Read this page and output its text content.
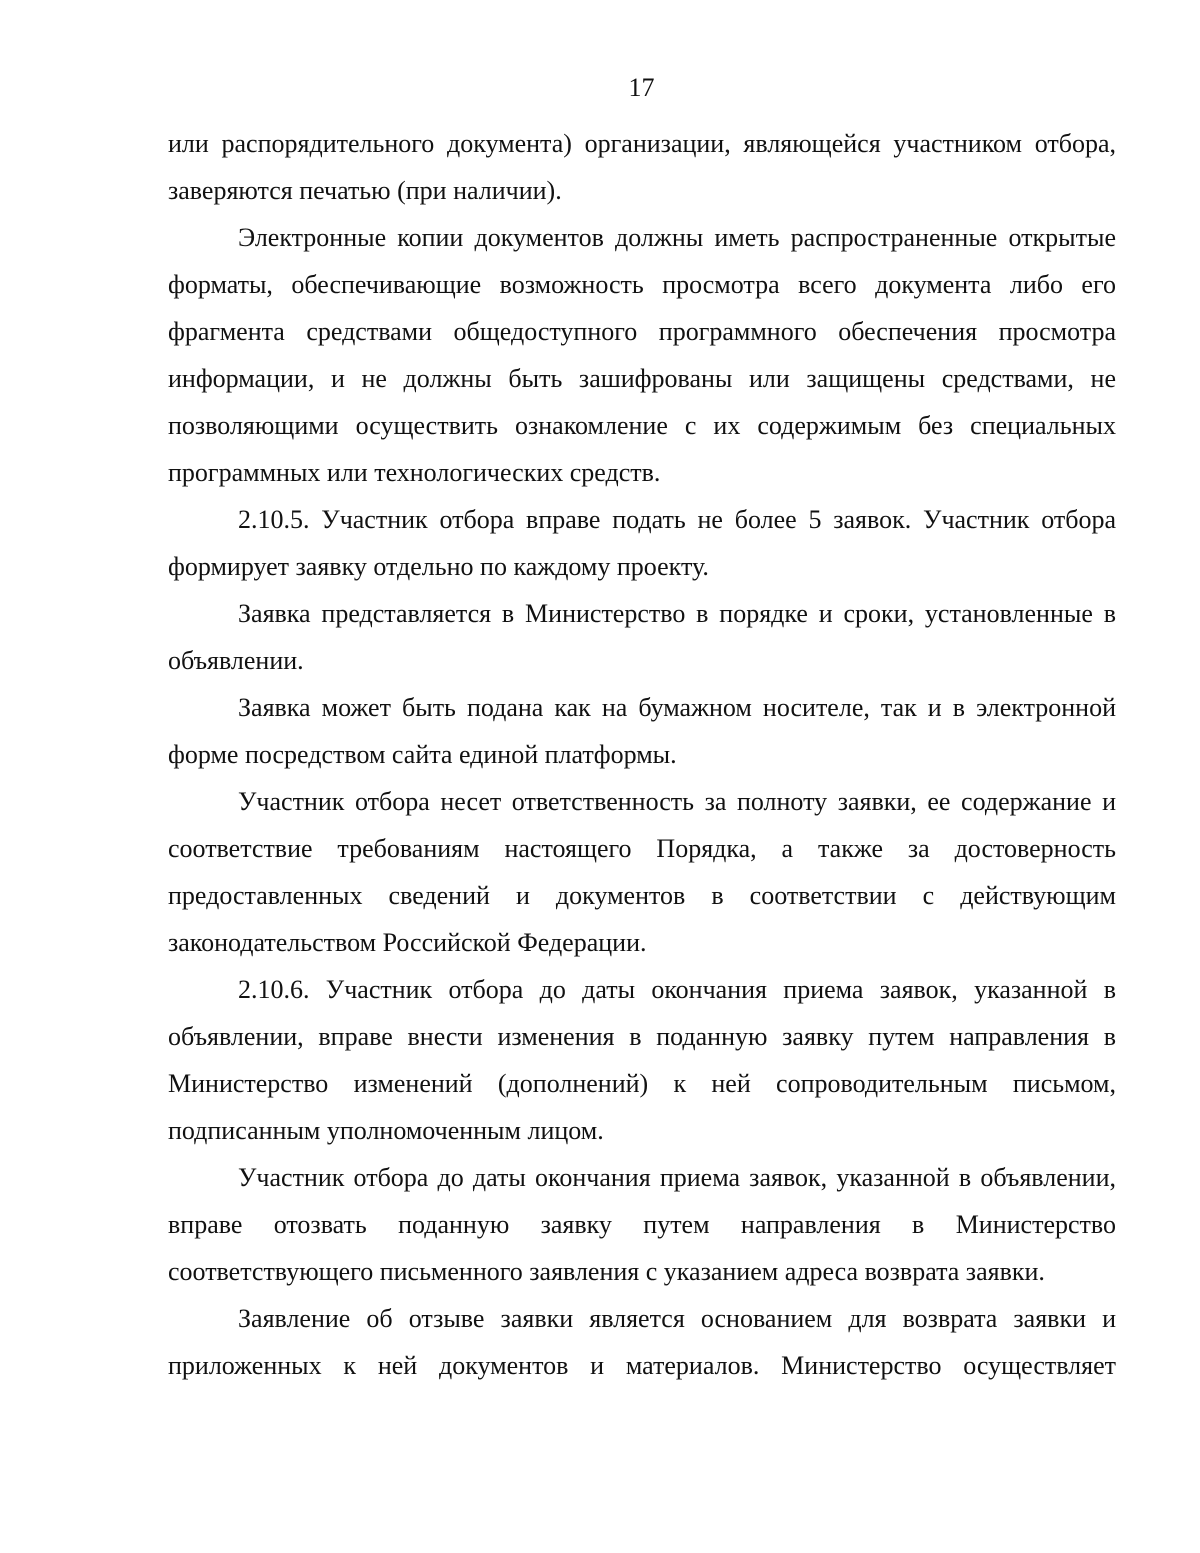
17

или распорядительного документа) организации, являющейся участником отбора, заверяются печатью (при наличии).

Электронные копии документов должны иметь распространенные открытые форматы, обеспечивающие возможность просмотра всего документа либо его фрагмента средствами общедоступного программного обеспечения просмотра информации, и не должны быть зашифрованы или защищены средствами, не позволяющими осуществить ознакомление с их содержимым без специальных программных или технологических средств.

2.10.5. Участник отбора вправе подать не более 5 заявок. Участник отбора формирует заявку отдельно по каждому проекту.

Заявка представляется в Министерство в порядке и сроки, установленные в объявлении.

Заявка может быть подана как на бумажном носителе, так и в электронной форме посредством сайта единой платформы.

Участник отбора несет ответственность за полноту заявки, ее содержание и соответствие требованиям настоящего Порядка, а также за достоверность предоставленных сведений и документов в соответствии с действующим законодательством Российской Федерации.

2.10.6. Участник отбора до даты окончания приема заявок, указанной в объявлении, вправе внести изменения в поданную заявку путем направления в Министерство изменений (дополнений) к ней сопроводительным письмом, подписанным уполномоченным лицом.

Участник отбора до даты окончания приема заявок, указанной в объявлении, вправе отозвать поданную заявку путем направления в Министерство соответствующего письменного заявления с указанием адреса возврата заявки.

Заявление об отзыве заявки является основанием для возврата заявки и приложенных к ней документов и материалов. Министерство осуществляет
